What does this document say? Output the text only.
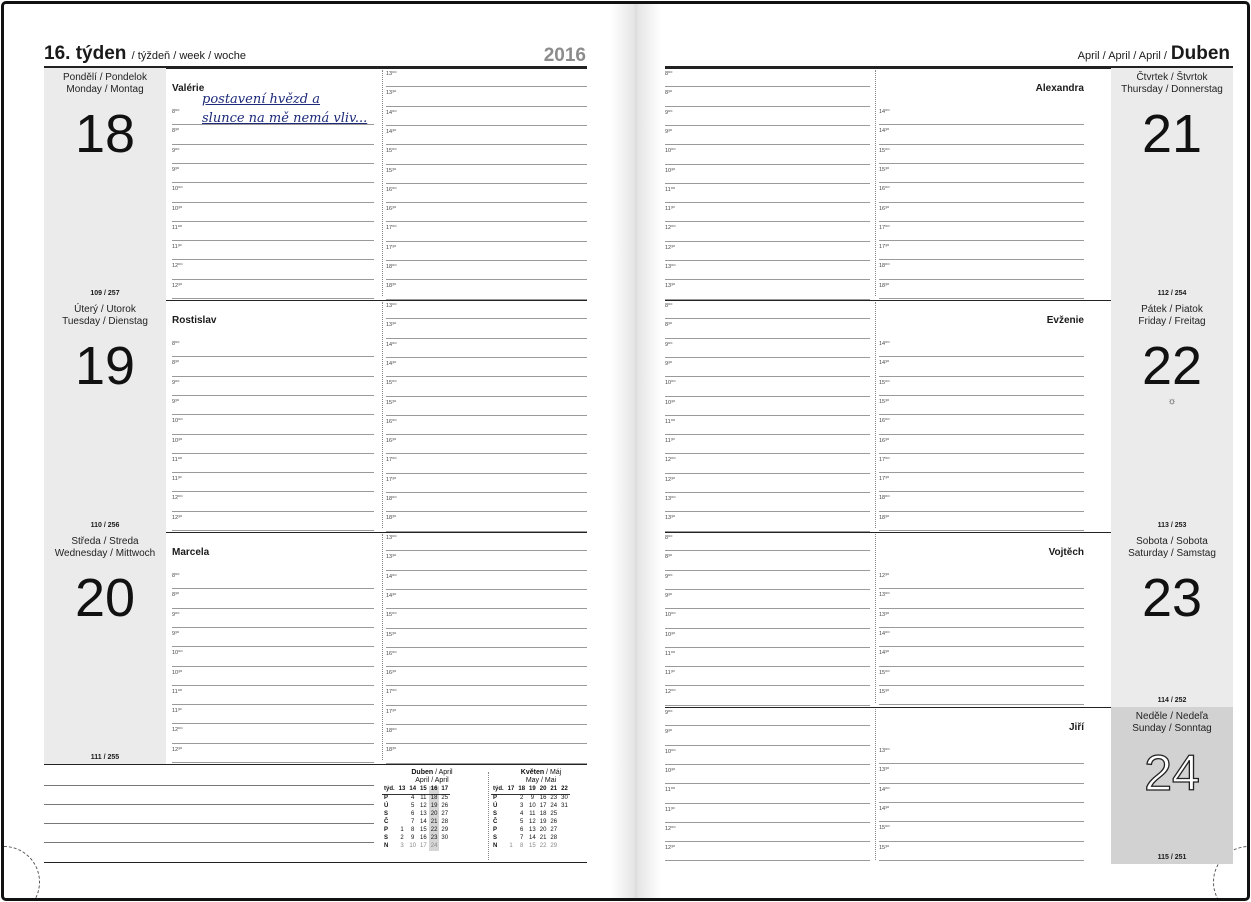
16. týden / týždeň / week / woche	2016	April / April / April / Duben
Pondělí / Pondelok
Monday / Montag
18
109 / 257
Valérie
8⁰⁰
8³⁰
9⁰⁰
9³⁰
10⁰⁰
10³⁰
11⁰⁰
11³⁰
12⁰⁰
12³⁰
13⁰⁰
13³⁰
14⁰⁰
14³⁰
15⁰⁰
15³⁰
16⁰⁰
16³⁰
17⁰⁰
17³⁰
18⁰⁰
18³⁰
Úterý / Utorok
Tuesday / Dienstag
19
110 / 256
Rostislav
8⁰⁰
8³⁰
9⁰⁰
9³⁰
10⁰⁰
10³⁰
11⁰⁰
11³⁰
12⁰⁰
12³⁰
13⁰⁰
13³⁰
14⁰⁰
14³⁰
15⁰⁰
15³⁰
16⁰⁰
16³⁰
17⁰⁰
17³⁰
18⁰⁰
18³⁰
Středa / Streda
Wednesday / Mittwoch
20
111 / 255
Marcela
8⁰⁰
8³⁰
9⁰⁰
9³⁰
10⁰⁰
10³⁰
11⁰⁰
11³⁰
12⁰⁰
12³⁰
13⁰⁰
13³⁰
14⁰⁰
14³⁰
15⁰⁰
15³⁰
16⁰⁰
16³⁰
17⁰⁰
17³⁰
18⁰⁰
18³⁰
Čtvrtek / Štvrtok
Thursday / Donnerstag
21
112 / 254
Alexandra
8⁰⁰
8³⁰
9⁰⁰
9³⁰
10⁰⁰
10³⁰
11⁰⁰
11³⁰
12⁰⁰
12³⁰
13⁰⁰
13³⁰
14⁰⁰
14³⁰
15⁰⁰
15³⁰
16⁰⁰
16³⁰
17⁰⁰
17³⁰
18⁰⁰
18³⁰
Pátek / Piatok
Friday / Freitag
22
☼
113 / 253
Evženie
8⁰⁰
8³⁰
9⁰⁰
9³⁰
10⁰⁰
10³⁰
11⁰⁰
11³⁰
12⁰⁰
12³⁰
13⁰⁰
13³⁰
14⁰⁰
14³⁰
15⁰⁰
15³⁰
16⁰⁰
16³⁰
17⁰⁰
17³⁰
18⁰⁰
18³⁰
Sobota / Sobota
Saturday / Samstag
23
114 / 252
Vojtěch
8⁰⁰
8³⁰
9⁰⁰
9³⁰
10⁰⁰
10³⁰
11⁰⁰
11³⁰
12⁰⁰
12³⁰
13⁰⁰
13³⁰
14⁰⁰
14³⁰
15⁰⁰
15³⁰
Neděle / Nedeľa
Sunday / Sonntag
24
115 / 251
Jiří
9⁰⁰
9³⁰
10⁰⁰
10³⁰
11⁰⁰
11³⁰
12⁰⁰
12³⁰
13⁰⁰
13³⁰
14⁰⁰
14³⁰
15⁰⁰
15³⁰
postavení hvězd a
slunce na mě nemá vliv...
Duben / April
April / April
týd.	13	14	15	16	17
P		4	11	18	25
Ú		5	12	19	26
S		6	13	20	27
Č		7	14	21	28
P	1	8	15	22	29
S	2	9	16	23	30
N	3	10	17	24	
Květen / Máj
May / Mai
týd.	17	18	19	20	21	22
P		2	9	16	23	30
Ú		3	10	17	24	31
S		4	11	18	25	
Č		5	12	19	26	
P		6	13	20	27	
S		7	14	21	28	
N	1	8	15	22	29	
